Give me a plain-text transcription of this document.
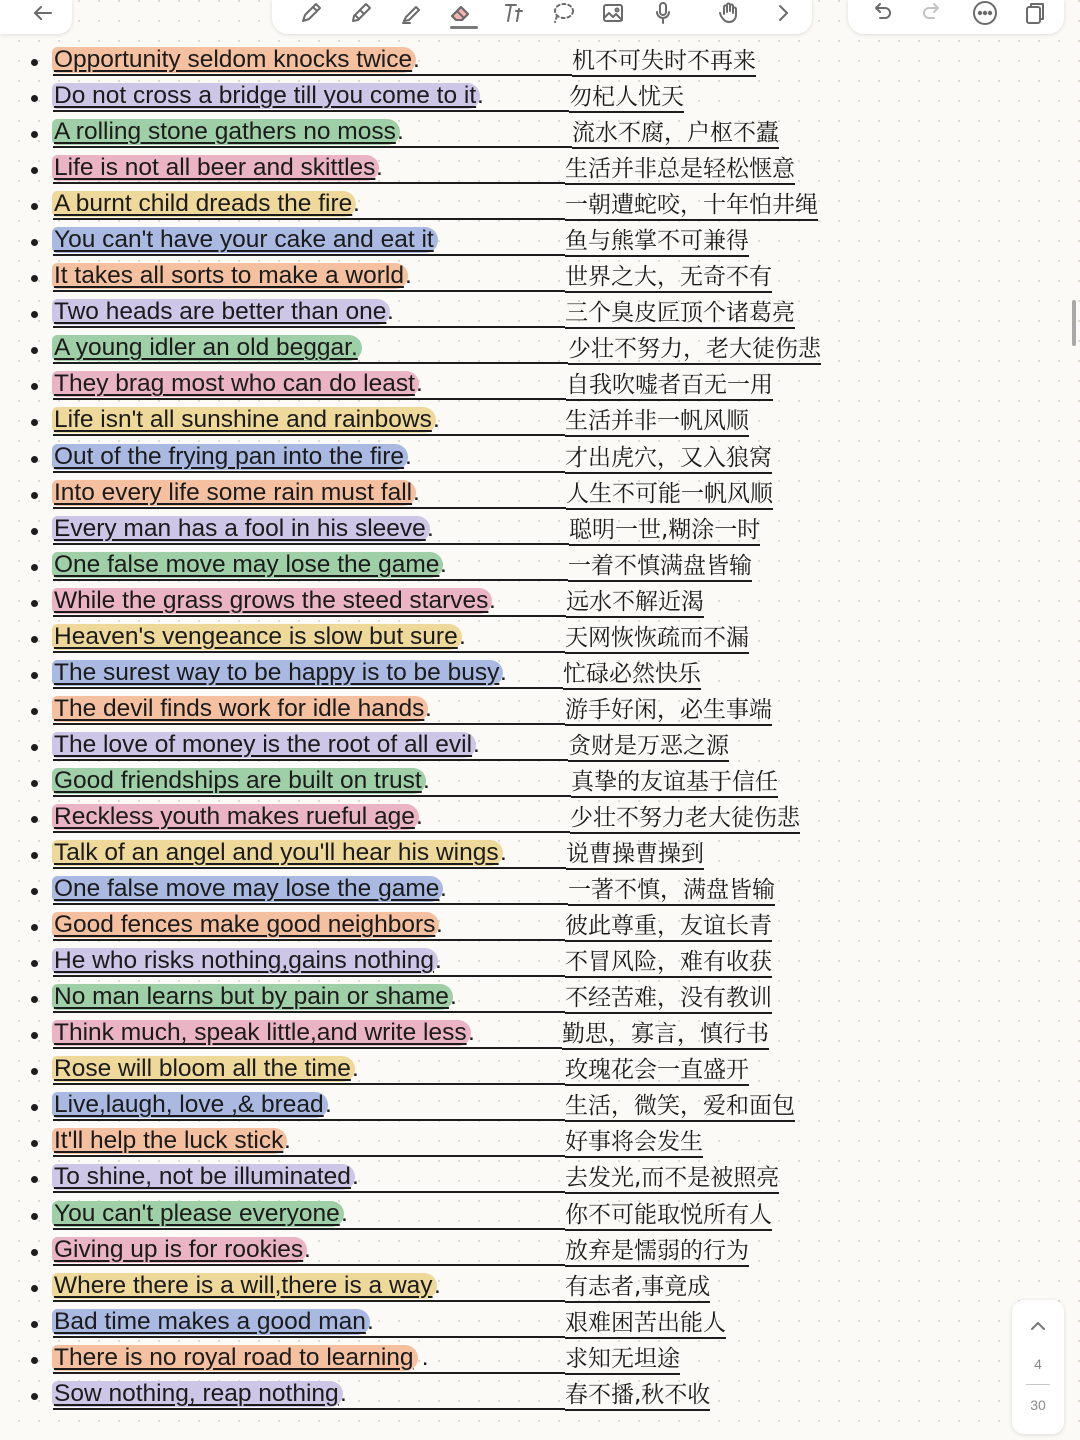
Opportunity seldom knocks twice .	机不可失时不再来
Do not cross a bridge till you come to it .	勿杞人忧天
A rolling stone gathers no moss .	流水不腐，户枢不蠹
Life is not all beer and skittles .	生活并非总是轻松惬意
A burnt child dreads the fire .	一朝遭蛇咬，十年怕井绳
You can't have your cake and eat it	鱼与熊掌不可兼得
It takes all sorts to make a world .	世界之大，无奇不有
Two heads are better than one .	三个臭皮匠顶个诸葛亮
A young idler an old beggar.	少壮不努力，老大徒伤悲
They brag most who can do least .	自我吹嘘者百无一用
Life isn't all sunshine and rainbows .	生活并非一帆风顺
Out of the frying pan into the fire .	才出虎穴，又入狼窝
Into every life some rain must fall .	人生不可能一帆风顺
Every man has a fool in his sleeve .	聪明一世,糊涂一时
One false move may lose the game .	一着不慎满盘皆输
While the grass grows the steed starves .	远水不解近渴
Heaven's vengeance is slow but sure .	天网恢恢疏而不漏
The surest way to be happy is to be busy . 忙碌必然快乐
The devil finds work for idle hands .	游手好闲，必生事端
The love of money is the root of all evil .	贪财是万恶之源
Good friendships are built on trust .	真挚的友谊基于信任
Reckless youth makes rueful age .	少壮不努力老大徒伤悲
Talk of an angel and you'll hear his wings .	说曹操曹操到
One false move may lose the game .	一著不慎，满盘皆输
Good fences make good neighbors .	彼此尊重，友谊长青
He who risks nothing,gains nothing .	不冒风险，难有收获
No man learns but by pain or shame .	不经苦难，没有教训
Think much, speak little,and write less .	勤思，寡言，慎行书
Rose will bloom all the time .	玫瑰花会一直盛开
Live,laugh, love ,& bread .	生活，微笑，爱和面包
It'll help the luck stick .	好事将会发生
To shine, not be illuminated .	去发光,而不是被照亮
You can't please everyone .	你不可能取悦所有人
Giving up is for rookies .	放弃是懦弱的行为
Where there is a will,there is a way .	有志者,事竟成
Bad time makes a good man .	艰难困苦出能人
There is no royal road to learning .	求知无坦途
Sow nothing, reap nothing .	春不播,秋不收
4
30
